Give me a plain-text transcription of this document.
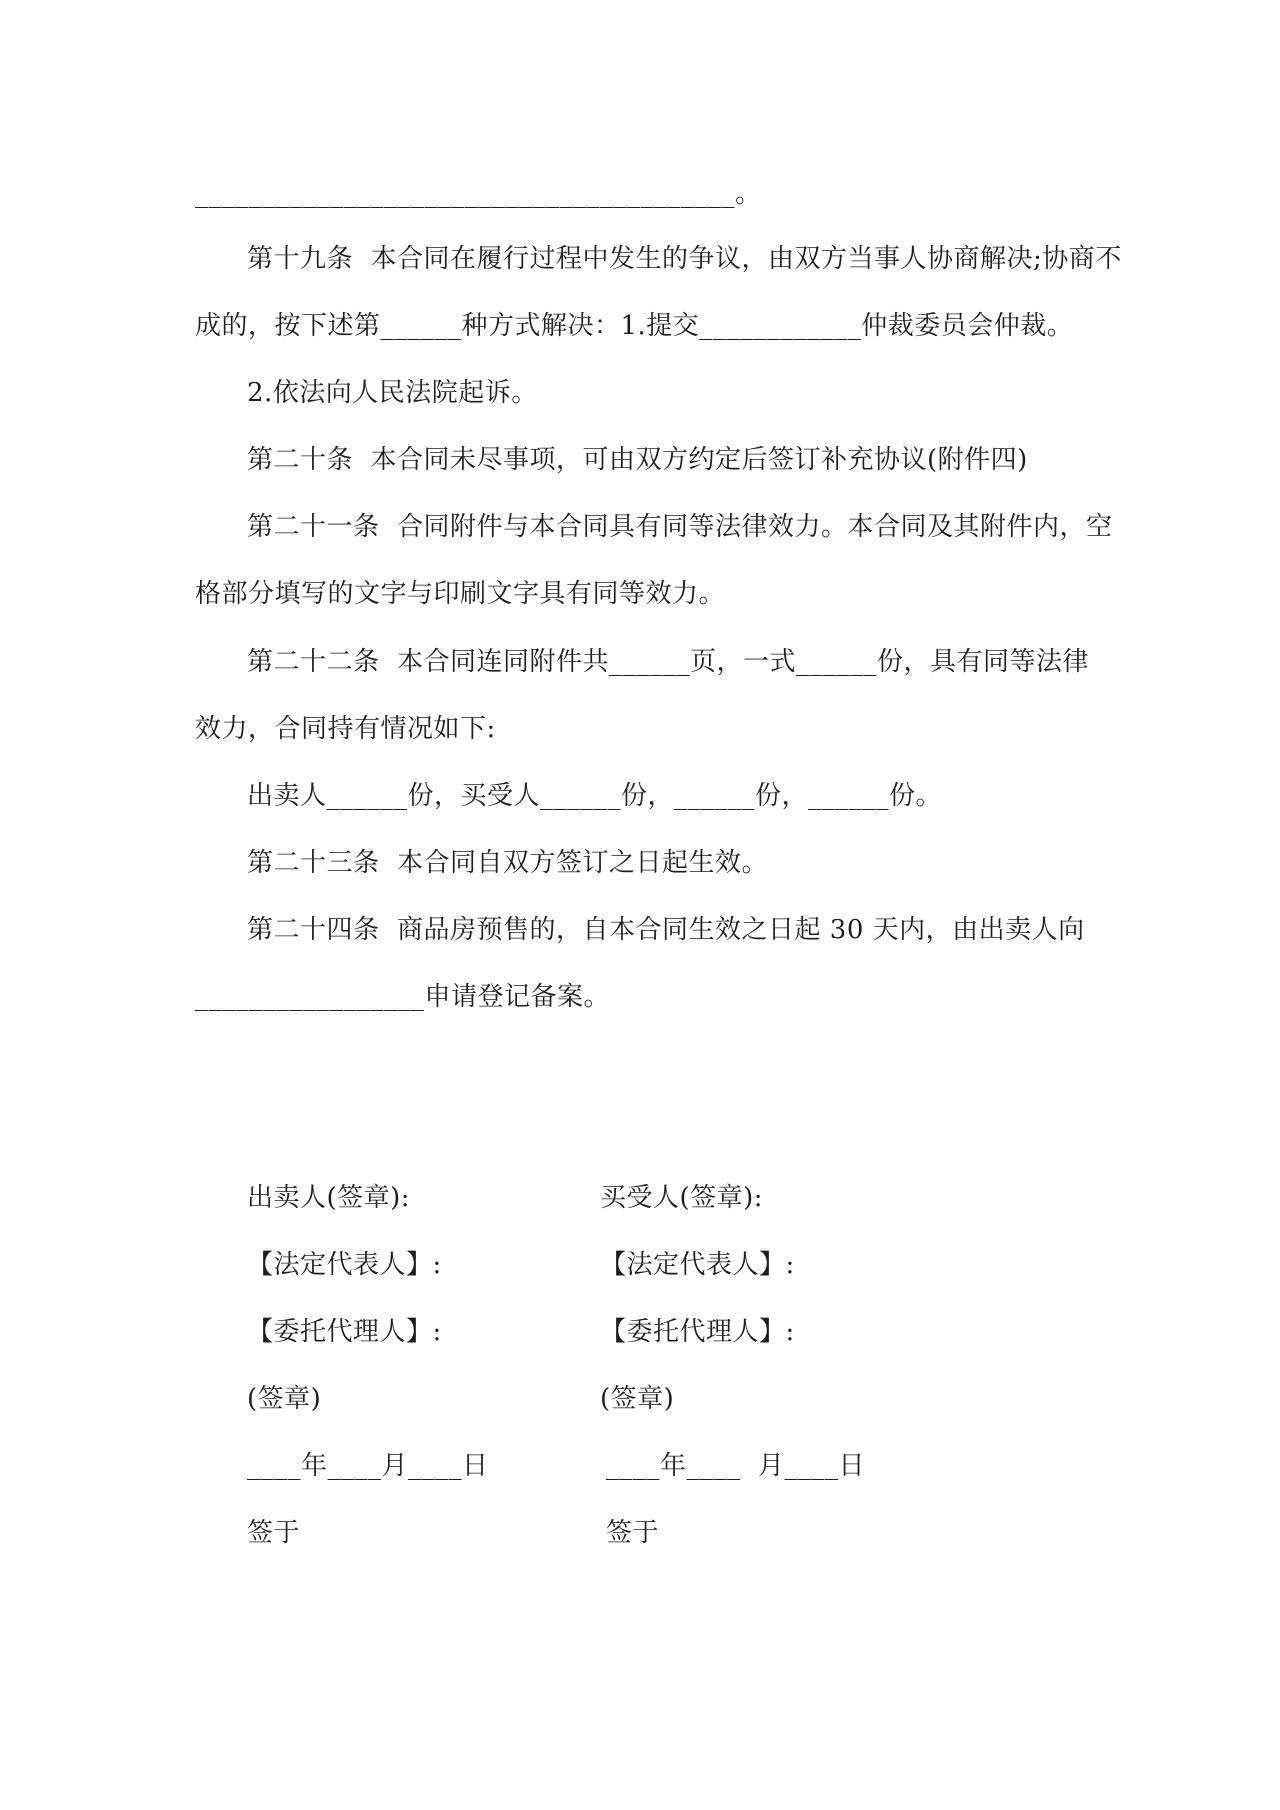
________________________________________。
第十九条  本合同在履行过程中发生的争议，由双方当事人协商解决;协商不
成的，按下述第______种方式解决：1.提交____________仲裁委员会仲裁。
2.依法向人民法院起诉。
第二十条  本合同未尽事项，可由双方约定后签订补充协议(附件四)
第二十一条  合同附件与本合同具有同等法律效力。本合同及其附件内，空
格部分填写的文字与印刷文字具有同等效力。
第二十二条  本合同连同附件共______页，一式______份，具有同等法律
效力，合同持有情况如下:
出卖人______份，买受人______份，______份，______份。
第二十三条  本合同自双方签订之日起生效。
第二十四条  商品房预售的，自本合同生效之日起 30 天内，由出卖人向
_________________申请登记备案。
出卖人(签章):
【法定代表人】:
【委托代理人】:
(签章)
____年____月____日
签于
买受人(签章):
【法定代表人】:
【委托代理人】:
(签章)
____年____  月____日
签于
